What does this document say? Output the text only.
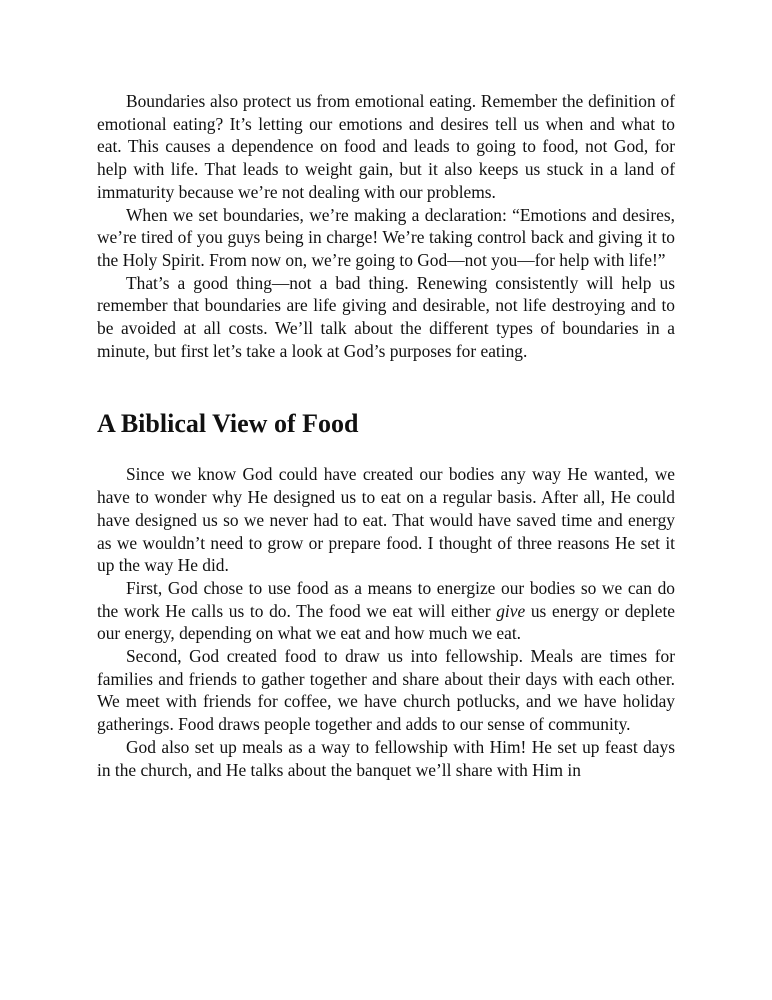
Boundaries also protect us from emotional eating. Remember the definition of emotional eating? It’s letting our emotions and desires tell us when and what to eat. This causes a dependence on food and leads to going to food, not God, for help with life. That leads to weight gain, but it also keeps us stuck in a land of immaturity because we’re not dealing with our problems.

When we set boundaries, we’re making a declaration: “Emotions and desires, we’re tired of you guys being in charge! We’re taking control back and giving it to the Holy Spirit. From now on, we’re going to God—not you—for help with life!”

That’s a good thing—not a bad thing. Renewing consistently will help us remember that boundaries are life giving and desirable, not life destroying and to be avoided at all costs. We’ll talk about the different types of boundaries in a minute, but first let’s take a look at God’s purposes for eating.

A Biblical View of Food

Since we know God could have created our bodies any way He wanted, we have to wonder why He designed us to eat on a regular basis. After all, He could have designed us so we never had to eat. That would have saved time and energy as we wouldn’t need to grow or prepare food. I thought of three reasons He set it up the way He did.

First, God chose to use food as a means to energize our bodies so we can do the work He calls us to do. The food we eat will either give us energy or deplete our energy, depending on what we eat and how much we eat.

Second, God created food to draw us into fellowship. Meals are times for families and friends to gather together and share about their days with each other. We meet with friends for coffee, we have church potlucks, and we have holiday gatherings. Food draws people together and adds to our sense of community.

God also set up meals as a way to fellowship with Him! He set up feast days in the church, and He talks about the banquet we’ll share with Him in
